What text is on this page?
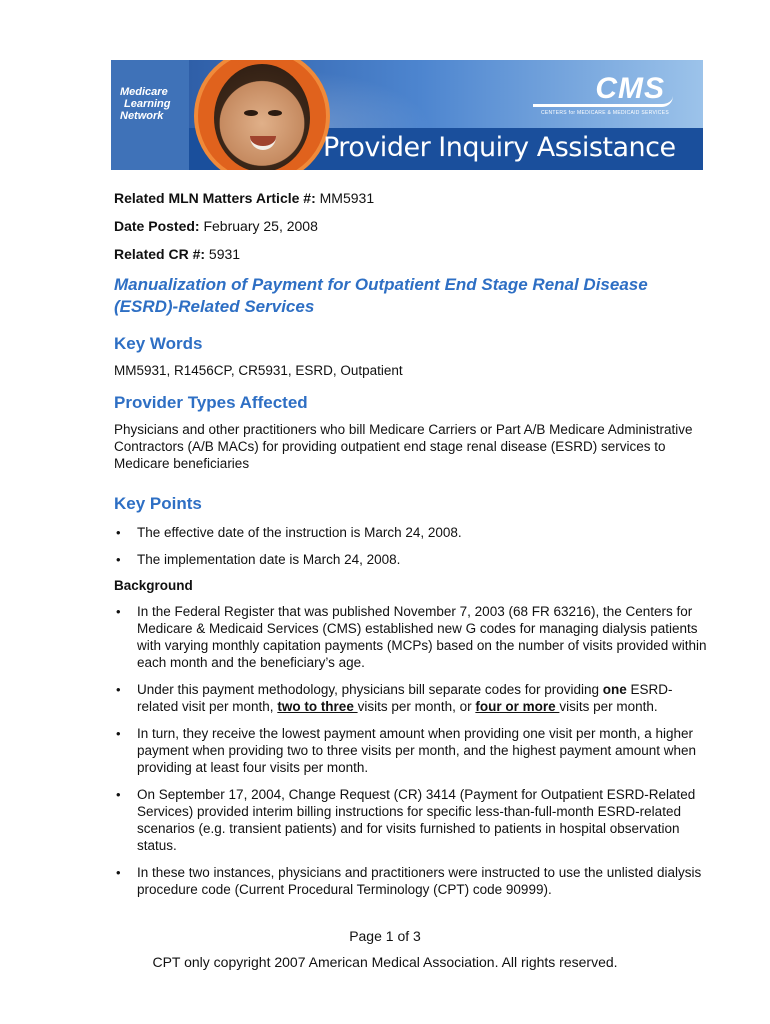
Medicare
Learning
Network
CMS
CENTERS for MEDICARE & MEDICAID SERVICES
Provider Inquiry Assistance

Related MLN Matters Article #: MM5931

Date Posted: February 25, 2008

Related CR #: 5931

Manualization of Payment for Outpatient End Stage Renal Disease (ESRD)-Related Services
Key Words

MM5931, R1456CP, CR5931, ESRD, Outpatient

Provider Types Affected

Physicians and other practitioners who bill Medicare Carriers or Part A/B Medicare Administrative Contractors (A/B MACs) for providing outpatient end stage renal disease (ESRD) services to Medicare beneficiaries

Key Points
• The effective date of the instruction is March 24, 2008.
• The implementation date is March 24, 2008.
Background
• In the Federal Register that was published November 7, 2003 (68 FR 63216), the Centers for Medicare & Medicaid Services (CMS) established new G codes for managing dialysis patients with varying monthly capitation payments (MCPs) based on the number of visits provided within each month and the beneficiary’s age.
• Under this payment methodology, physicians bill separate codes for providing one ESRD-related visit per month, two to three visits per month, or four or more visits per month.
• In turn, they receive the lowest payment amount when providing one visit per month, a higher payment when providing two to three visits per month, and the highest payment amount when providing at least four visits per month.
• On September 17, 2004, Change Request (CR) 3414 (Payment for Outpatient ESRD-Related Services) provided interim billing instructions for specific less-than-full-month ESRD-related scenarios (e.g. transient patients) and for visits furnished to patients in hospital observation status.
• In these two instances, physicians and practitioners were instructed to use the unlisted dialysis procedure code (Current Procedural Terminology (CPT) code 90999).
Page 1 of 3
CPT only copyright 2007 American Medical Association. All rights reserved.
